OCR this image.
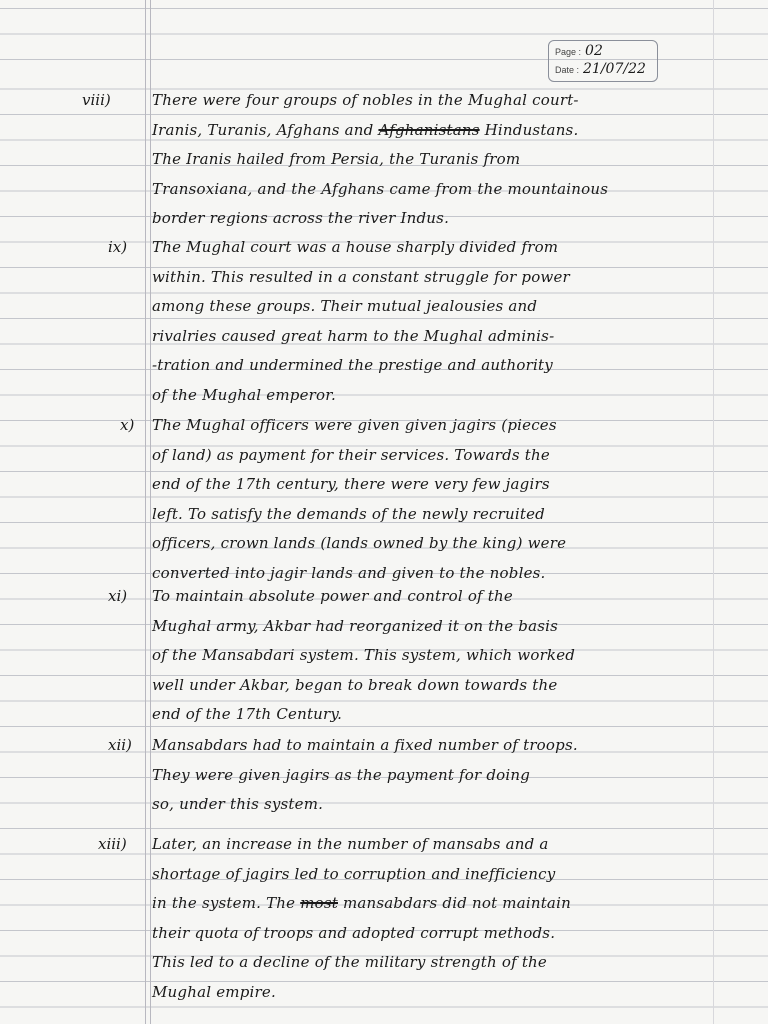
Page : 02
Date : 21/07/22
viii)	There were four groups of nobles in the Mughal court-
Iranis, Turanis, Afghans and Afghanistans Hindustans.
The Iranis hailed from Persia, the Turanis from
Transoxiana, and the Afghans came from the mountainous
border regions across the river Indus.
ix) The Mughal court was a house sharply divided from
within. This resulted in a constant struggle for power
among these groups. Their mutual jealousies and
rivalries caused great harm to the Mughal adminis-
-tration and undermined the prestige and authority
of the Mughal emperor.
x) The Mughal officers were given given jagirs (pieces
of land) as payment for their services. Towards the
end of the 17th century, there were very few jagirs
left. To satisfy the demands of the newly recruited
officers, crown lands (lands owned by the king) were
converted into jagir lands and given to the nobles.
xi) To maintain absolute power and control of the
Mughal army, Akbar had reorganized it on the basis
of the Mansabdari system. This system, which worked
well under Akbar, began to break down towards the
end of the 17th Century.
xii) Mansabdars had to maintain a fixed number of troops.
They were given jagirs as the payment for doing
so, under this system.
xiii) Later, an increase in the number of mansabs and a
shortage of jagirs led to corruption and inefficiency
in the system. The most mansabdars did not maintain
their quota of troops and adopted corrupt methods.
This led to a decline of the military strength of the
Mughal empire.
